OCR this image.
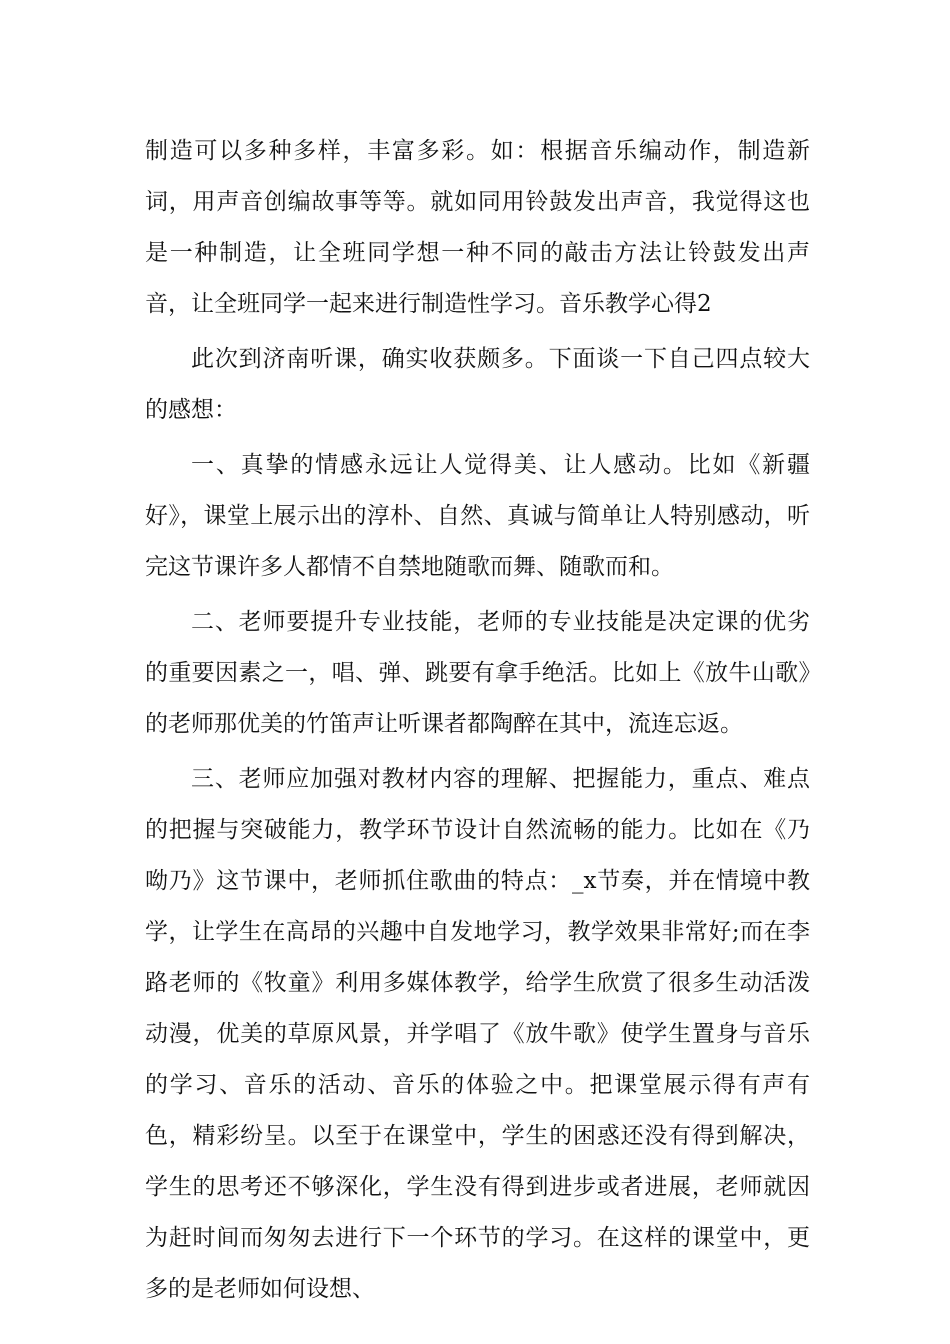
制造可以多种多样，丰富多彩。如：根据音乐编动作，制造新词，用声音创编故事等等。就如同用铃鼓发出声音，我觉得这也是一种制造，让全班同学想一种不同的敲击方法让铃鼓发出声音，让全班同学一起来进行制造性学习。音乐教学心得2

此次到济南听课，确实收获颇多。下面谈一下自己四点较大的感想：

一、真挚的情感永远让人觉得美、让人感动。比如《新疆好》，课堂上展示出的淳朴、自然、真诚与简单让人特别感动，听完这节课许多人都情不自禁地随歌而舞、随歌而和。

二、老师要提升专业技能，老师的专业技能是决定课的优劣的重要因素之一，唱、弹、跳要有拿手绝活。比如上《放牛山歌》的老师那优美的竹笛声让听课者都陶醉在其中，流连忘返。

三、老师应加强对教材内容的理解、把握能力，重点、难点的把握与突破能力，教学环节设计自然流畅的能力。比如在《乃呦乃》这节课中，老师抓住歌曲的特点：_x节奏，并在情境中教学，让学生在高昂的兴趣中自发地学习，教学效果非常好;而在李路老师的《牧童》利用多媒体教学，给学生欣赏了很多生动活泼动漫，优美的草原风景，并学唱了《放牛歌》使学生置身与音乐的学习、音乐的活动、音乐的体验之中。把课堂展示得有声有色，精彩纷呈。以至于在课堂中，学生的困惑还没有得到解决，学生的思考还不够深化，学生没有得到进步或者进展，老师就因为赶时间而匆匆去进行下一个环节的学习。在这样的课堂中，更多的是老师如何设想、
